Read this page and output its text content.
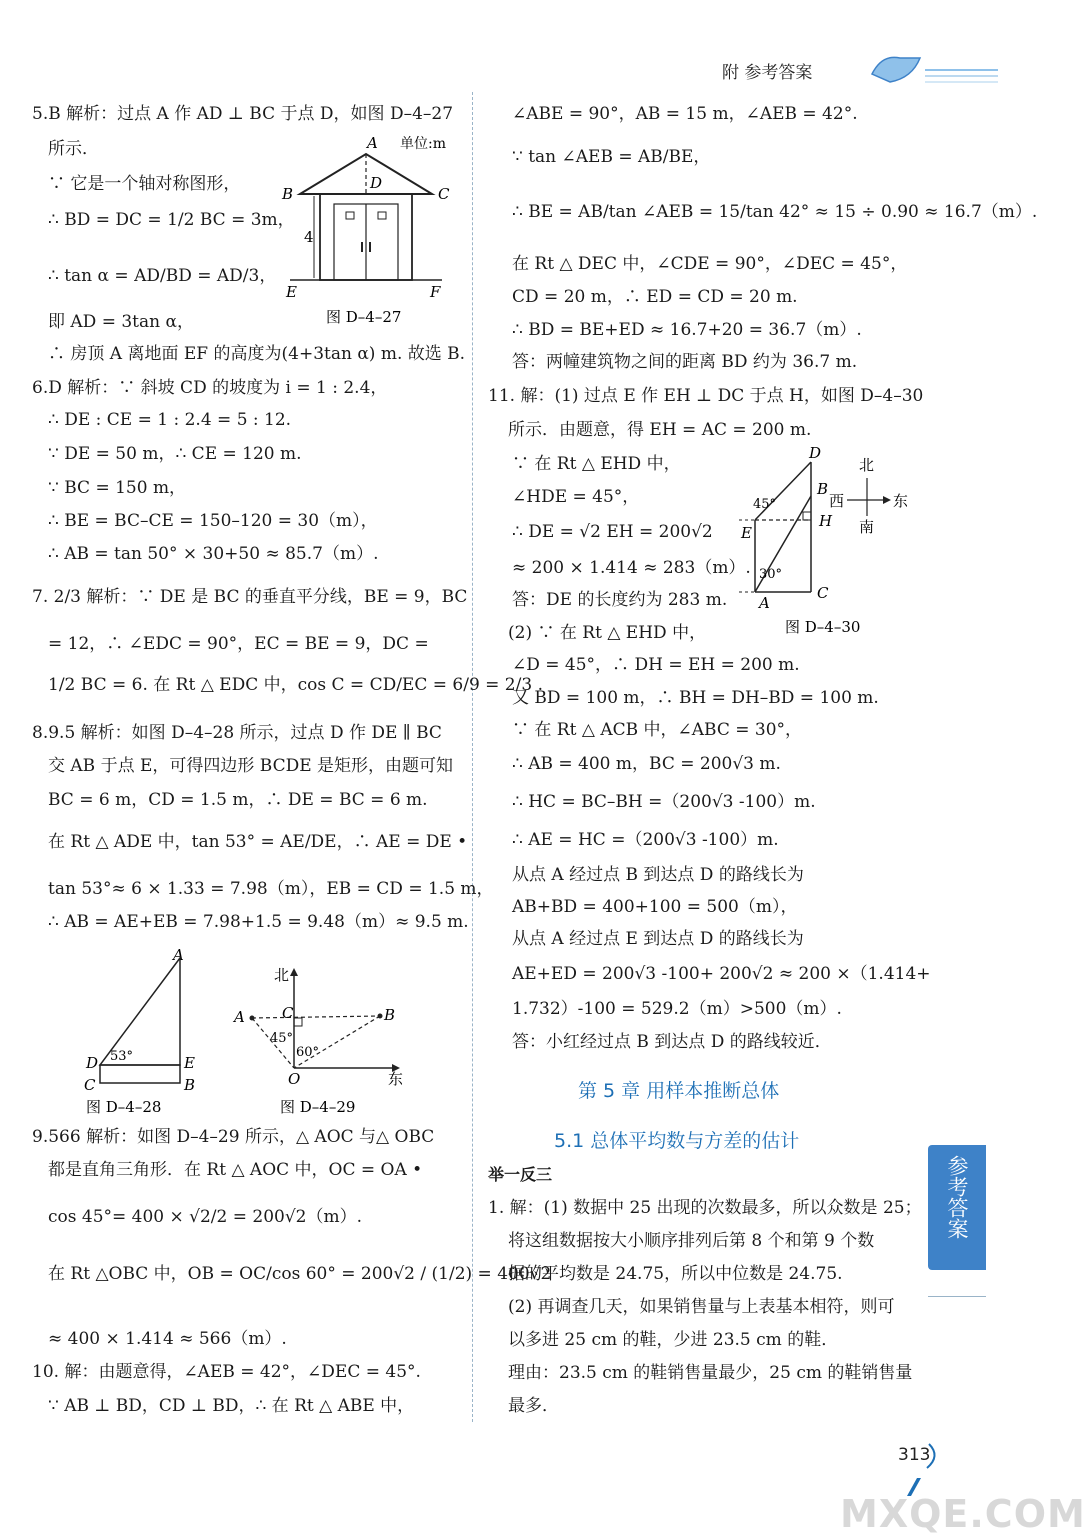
附 参考答案
5.B 解析：过点 A 作 AD ⊥ BC 于点 D，如图 D–4–27
所示．
∵ 它是一个轴对称图形，
∴ BD = DC = 1/2 BC = 3m，
∴ tan α = AD/BD = AD/3，
即 AD = 3tan α，
∴ 房顶 A 离地面 EF 的高度为(4+3tan α) m. 故选 B.
6.D 解析：∵ 斜坡 CD 的坡度为 i = 1 : 2.4，
∴ DE : CE = 1 : 2.4 = 5 : 12.
∵ DE = 50 m，∴ CE = 120 m.
∵ BC = 150 m，
∴ BE = BC–CE = 150–120 = 30（m），
∴ AB = tan 50° × 30+50 ≈ 85.7（m）.
7. 2/3 解析：∵ DE 是 BC 的垂直平分线，BE = 9，BC
= 12，∴ ∠EDC = 90°，EC = BE = 9，DC =
1/2 BC = 6. 在 Rt △ EDC 中，cos C = CD/EC = 6/9 = 2/3 .
8.9.5 解析：如图 D–4–28 所示，过点 D 作 DE ∥ BC
交 AB 于点 E，可得四边形 BCDE 是矩形，由题可知
BC = 6 m，CD = 1.5 m，∴ DE = BC = 6 m.
在 Rt △ ADE 中，tan 53° = AE/DE，∴ AE = DE •
tan 53°≈ 6 × 1.33 = 7.98（m），EB = CD = 1.5 m，
∴ AB = AE+EB = 7.98+1.5 = 9.48（m）≈ 9.5 m.
9.566 解析：如图 D–4–29 所示，△ AOC 与△ OBC
都是直角三角形．在 Rt △ AOC 中，OC = OA •
cos 45°= 400 × √2/2 = 200√2（m）.
在 Rt △OBC 中，OB = OC/cos 60° = 200√2 / (1/2) = 400√2
≈ 400 × 1.414 ≈ 566（m）.
10. 解：由题意得，∠AEB = 42°，∠DEC = 45°.
∵ AB ⊥ BD，CD ⊥ BD，∴ 在 Rt △ ABE 中，
A 单位:m
B	C
D
4
E	F
图 D–4–27
A
D	E
C	B
53°
图 D–4–28
北
A C	B
O	东
45°
60°
图 D–4–29
∠ABE = 90°，AB = 15 m，∠AEB = 42°.
∵ tan ∠AEB = AB/BE，
∴ BE = AB/tan ∠AEB = 15/tan 42° ≈ 15 ÷ 0.90 ≈ 16.7（m）.
在 Rt △ DEC 中，∠CDE = 90°，∠DEC = 45°，
CD = 20 m，∴ ED = CD = 20 m.
∴ BD = BE+ED ≈ 16.7+20 = 36.7（m）.
答：两幢建筑物之间的距离 BD 约为 36.7 m.
11. 解：(1) 过点 E 作 EH ⊥ DC 于点 H，如图 D–4–30
所示．由题意，得 EH = AC = 200 m.
∵ 在 Rt △ EHD 中，
∠HDE = 45°，
∴ DE = √2 EH = 200√2
≈ 200 × 1.414 ≈ 283（m）.
答：DE 的长度约为 283 m.
(2) ∵ 在 Rt △ EHD 中，
∠D = 45°，∴ DH = EH = 200 m.
又 BD = 100 m，∴ BH = DH–BD = 100 m.
∵ 在 Rt △ ACB 中，∠ABC = 30°，
∴ AB = 400 m，BC = 200√3 m.
∴ HC = BC–BH =（200√3 -100）m.
∴ AE = HC =（200√3 -100）m.
从点 A 经过点 B 到达点 D 的路线长为
AB+BD = 400+100 = 500（m），
从点 A 经过点 E 到达点 D 的路线长为
AE+ED = 200√3 -100+ 200√2 ≈ 200 ×（1.414+
1.732）-100 = 529.2（m）>500（m）.
答：小红经过点 B 到达点 D 的路线较近．
D
B
H
E
A
C
45°
30°
北
西	东
南
图 D–4–30
第 5 章 用样本推断总体
5.1 总体平均数与方差的估计
举一反三
1. 解：(1) 数据中 25 出现的次数最多，所以众数是 25；
将这组数据按大小顺序排列后第 8 个和第 9 个数
据的平均数是 24.75，所以中位数是 24.75.
(2) 再调查几天，如果销售量与上表基本相符，则可
以多进 25 cm 的鞋，少进 23.5 cm 的鞋．
理由：23.5 cm 的鞋销售量最少，25 cm 的鞋销售量
最多．
参考答案
313
MXQE.COM
